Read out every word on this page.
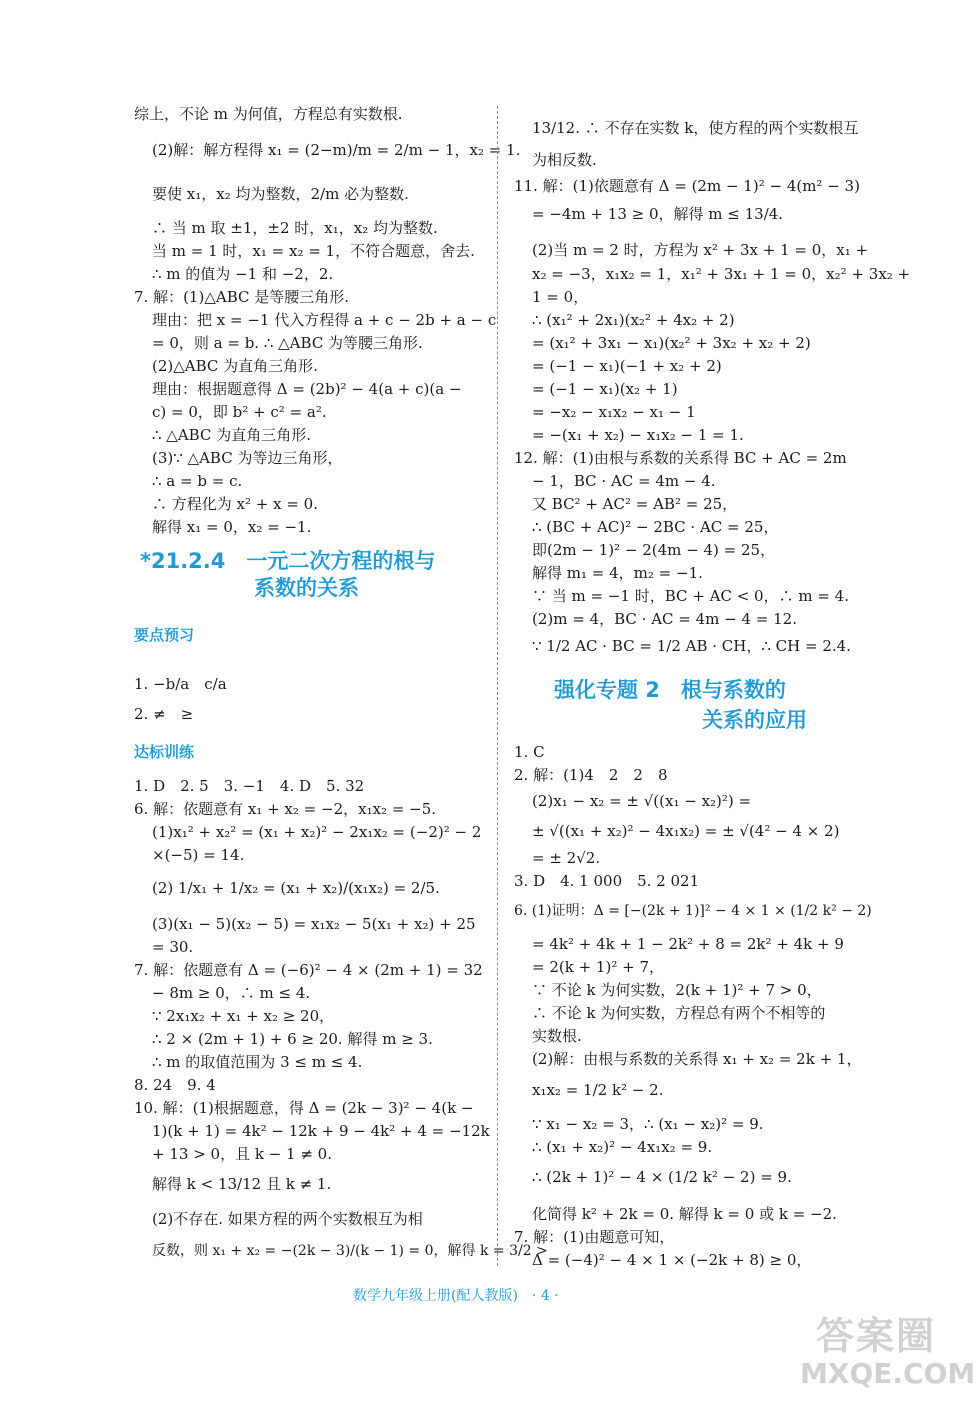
综上，不论 m 为何值，方程总有实数根.
(2)解：解方程得 x₁ = (2−m)/m = 2/m − 1，x₂ = 1.
要使 x₁，x₂ 均为整数，2/m 必为整数.
∴ 当 m 取 ±1，±2 时，x₁，x₂ 均为整数.
当 m = 1 时，x₁ = x₂ = 1，不符合题意，舍去.
∴ m 的值为 −1 和 −2，2.
7. 解：(1)△ABC 是等腰三角形.
理由：把 x = −1 代入方程得 a + c − 2b + a − c
= 0，则 a = b. ∴ △ABC 为等腰三角形.
(2)△ABC 为直角三角形.
理由：根据题意得 Δ = (2b)² − 4(a + c)(a −
c) = 0，即 b² + c² = a².
∴ △ABC 为直角三角形.
(3)∵ △ABC 为等边三角形，
∴ a = b = c.
∴ 方程化为 x² + x = 0.
解得 x₁ = 0，x₂ = −1.
*21.2.4　一元二次方程的根与
系数的关系
要点预习
1. −b/a　c/a
2. ≠　≥
达标训练
1. D　2. 5　3. −1　4. D　5. 32
6. 解：依题意有 x₁ + x₂ = −2，x₁x₂ = −5.
(1)x₁² + x₂² = (x₁ + x₂)² − 2x₁x₂ = (−2)² − 2
×(−5) = 14.
(2) 1/x₁ + 1/x₂ = (x₁ + x₂)/(x₁x₂) = 2/5.
(3)(x₁ − 5)(x₂ − 5) = x₁x₂ − 5(x₁ + x₂) + 25
= 30.
7. 解：依题意有 Δ = (−6)² − 4 × (2m + 1) = 32
− 8m ≥ 0，∴ m ≤ 4.
∵ 2x₁x₂ + x₁ + x₂ ≥ 20，
∴ 2 × (2m + 1) + 6 ≥ 20. 解得 m ≥ 3.
∴ m 的取值范围为 3 ≤ m ≤ 4.
8. 24　9. 4
10. 解：(1)根据题意，得 Δ = (2k − 3)² − 4(k −
1)(k + 1) = 4k² − 12k + 9 − 4k² + 4 = −12k
+ 13 > 0，且 k − 1 ≠ 0.
解得 k < 13/12 且 k ≠ 1.
(2)不存在. 如果方程的两个实数根互为相
反数，则 x₁ + x₂ = −(2k − 3)/(k − 1) = 0，解得 k = 3/2 >
13/12. ∴ 不存在实数 k，使方程的两个实数根互
为相反数.
11. 解：(1)依题意有 Δ = (2m − 1)² − 4(m² − 3)
= −4m + 13 ≥ 0，解得 m ≤ 13/4.
(2)当 m = 2 时，方程为 x² + 3x + 1 = 0，x₁ +
x₂ = −3，x₁x₂ = 1，x₁² + 3x₁ + 1 = 0，x₂² + 3x₂ +
1 = 0，
∴ (x₁² + 2x₁)(x₂² + 4x₂ + 2)
= (x₁² + 3x₁ − x₁)(x₂² + 3x₂ + x₂ + 2)
= (−1 − x₁)(−1 + x₂ + 2)
= (−1 − x₁)(x₂ + 1)
= −x₂ − x₁x₂ − x₁ − 1
= −(x₁ + x₂) − x₁x₂ − 1 = 1.
12. 解：(1)由根与系数的关系得 BC + AC = 2m
− 1，BC · AC = 4m − 4.
又 BC² + AC² = AB² = 25，
∴ (BC + AC)² − 2BC · AC = 25，
即(2m − 1)² − 2(4m − 4) = 25，
解得 m₁ = 4，m₂ = −1.
∵ 当 m = −1 时，BC + AC < 0，∴ m = 4.
(2)m = 4，BC · AC = 4m − 4 = 12.
∵ 1/2 AC · BC = 1/2 AB · CH，∴ CH = 2.4.
强化专题 2　根与系数的
关系的应用
1. C
2. 解：(1)4　2　2　8
(2)x₁ − x₂ = ± √((x₁ − x₂)²) =
± √((x₁ + x₂)² − 4x₁x₂) = ± √(4² − 4 × 2)
= ± 2√2.
3. D　4. 1 000　5. 2 021
6. (1)证明：Δ = [−(2k + 1)]² − 4 × 1 × (1/2 k² − 2)
= 4k² + 4k + 1 − 2k² + 8 = 2k² + 4k + 9
= 2(k + 1)² + 7，
∵ 不论 k 为何实数，2(k + 1)² + 7 > 0，
∴ 不论 k 为何实数，方程总有两个不相等的
实数根.
(2)解：由根与系数的关系得 x₁ + x₂ = 2k + 1，
x₁x₂ = 1/2 k² − 2.
∵ x₁ − x₂ = 3，∴ (x₁ − x₂)² = 9.
∴ (x₁ + x₂)² − 4x₁x₂ = 9.
∴ (2k + 1)² − 4 × (1/2 k² − 2) = 9.
化简得 k² + 2k = 0. 解得 k = 0 或 k = −2.
7. 解：(1)由题意可知，
Δ = (−4)² − 4 × 1 × (−2k + 8) ≥ 0，
数学九年级上册(配人教版)　· 4 ·
答案圈
MXQE.COM
